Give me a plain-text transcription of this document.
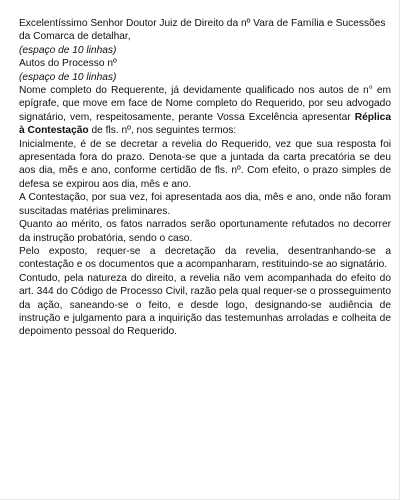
Excelentíssimo Senhor Doutor Juiz de Direito da nº Vara de Família e Sucessões da Comarca de detalhar,

(espaço de 10 linhas)

Autos do Processo nº

(espaço de 10 linhas)

Nome completo do Requerente, já devidamente qualificado nos autos de n° em epígrafe, que move em face de Nome completo do Requerido, por seu advogado signatário, vem, respeitosamente, perante Vossa Excelência apresentar Réplica à Contestação de fls. nº, nos seguintes termos:

Inicialmente, é de se decretar a revelia do Requerido, vez que sua resposta foi apresentada fora do prazo. Denota-se que a juntada da carta precatória se deu aos dia, mês e ano, conforme certidão de fls. nº. Com efeito, o prazo simples de defesa se expirou aos dia, mês e ano.

A Contestação, por sua vez, foi apresentada aos dia, mês e ano, onde não foram suscitadas matérias preliminares.

Quanto ao mérito, os fatos narrados serão oportunamente refutados no decorrer da instrução probatória, sendo o caso.

Pelo exposto, requer-se a decretação da revelia, desentranhando-se a contestação e os documentos que a acompanharam, restituindo-se ao signatário.

Contudo, pela natureza do direito, a revelia não vem acompanhada do efeito do art. 344 do Código de Processo Civil, razão pela qual requer-se o prosseguimento da ação, saneando-se o feito, e desde logo, designando-se audiência de instrução e julgamento para a inquirição das testemunhas arroladas e colheita de depoimento pessoal do Requerido.
